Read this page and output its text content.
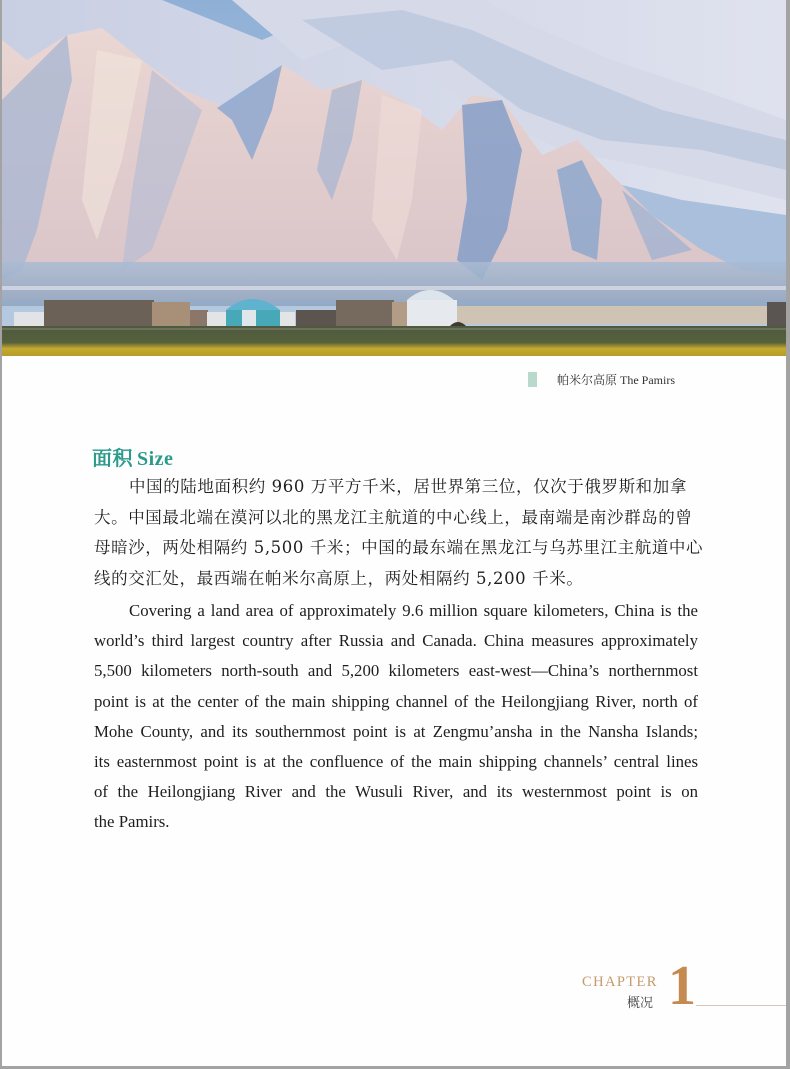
帕米尔高原 The Pamirs
面积 Size
中国的陆地面积约 960 万平方千米，居世界第三位，仅次于俄罗斯和加拿
大。中国最北端在漠河以北的黑龙江主航道的中心线上，最南端是南沙群岛的曾
母暗沙，两处相隔约 5,500 千米；中国的最东端在黑龙江与乌苏里江主航道中心
线的交汇处，最西端在帕米尔高原上，两处相隔约 5,200 千米。
Covering a land area of approximately 9.6 million square kilometers, China is the
world’s third largest country after Russia and Canada. China measures approximately
5,500 kilometers north-south and 5,200 kilometers east-west—China’s northernmost
point is at the center of the main shipping channel of the Heilongjiang River, north of
Mohe County, and its southernmost point is at Zengmu’ansha in the Nansha Islands;
its easternmost point is at the confluence of the main shipping channels’ central lines
of the Heilongjiang River and the Wusuli River, and its westernmost point is on
the Pamirs.
CHAPTER
概况 1
